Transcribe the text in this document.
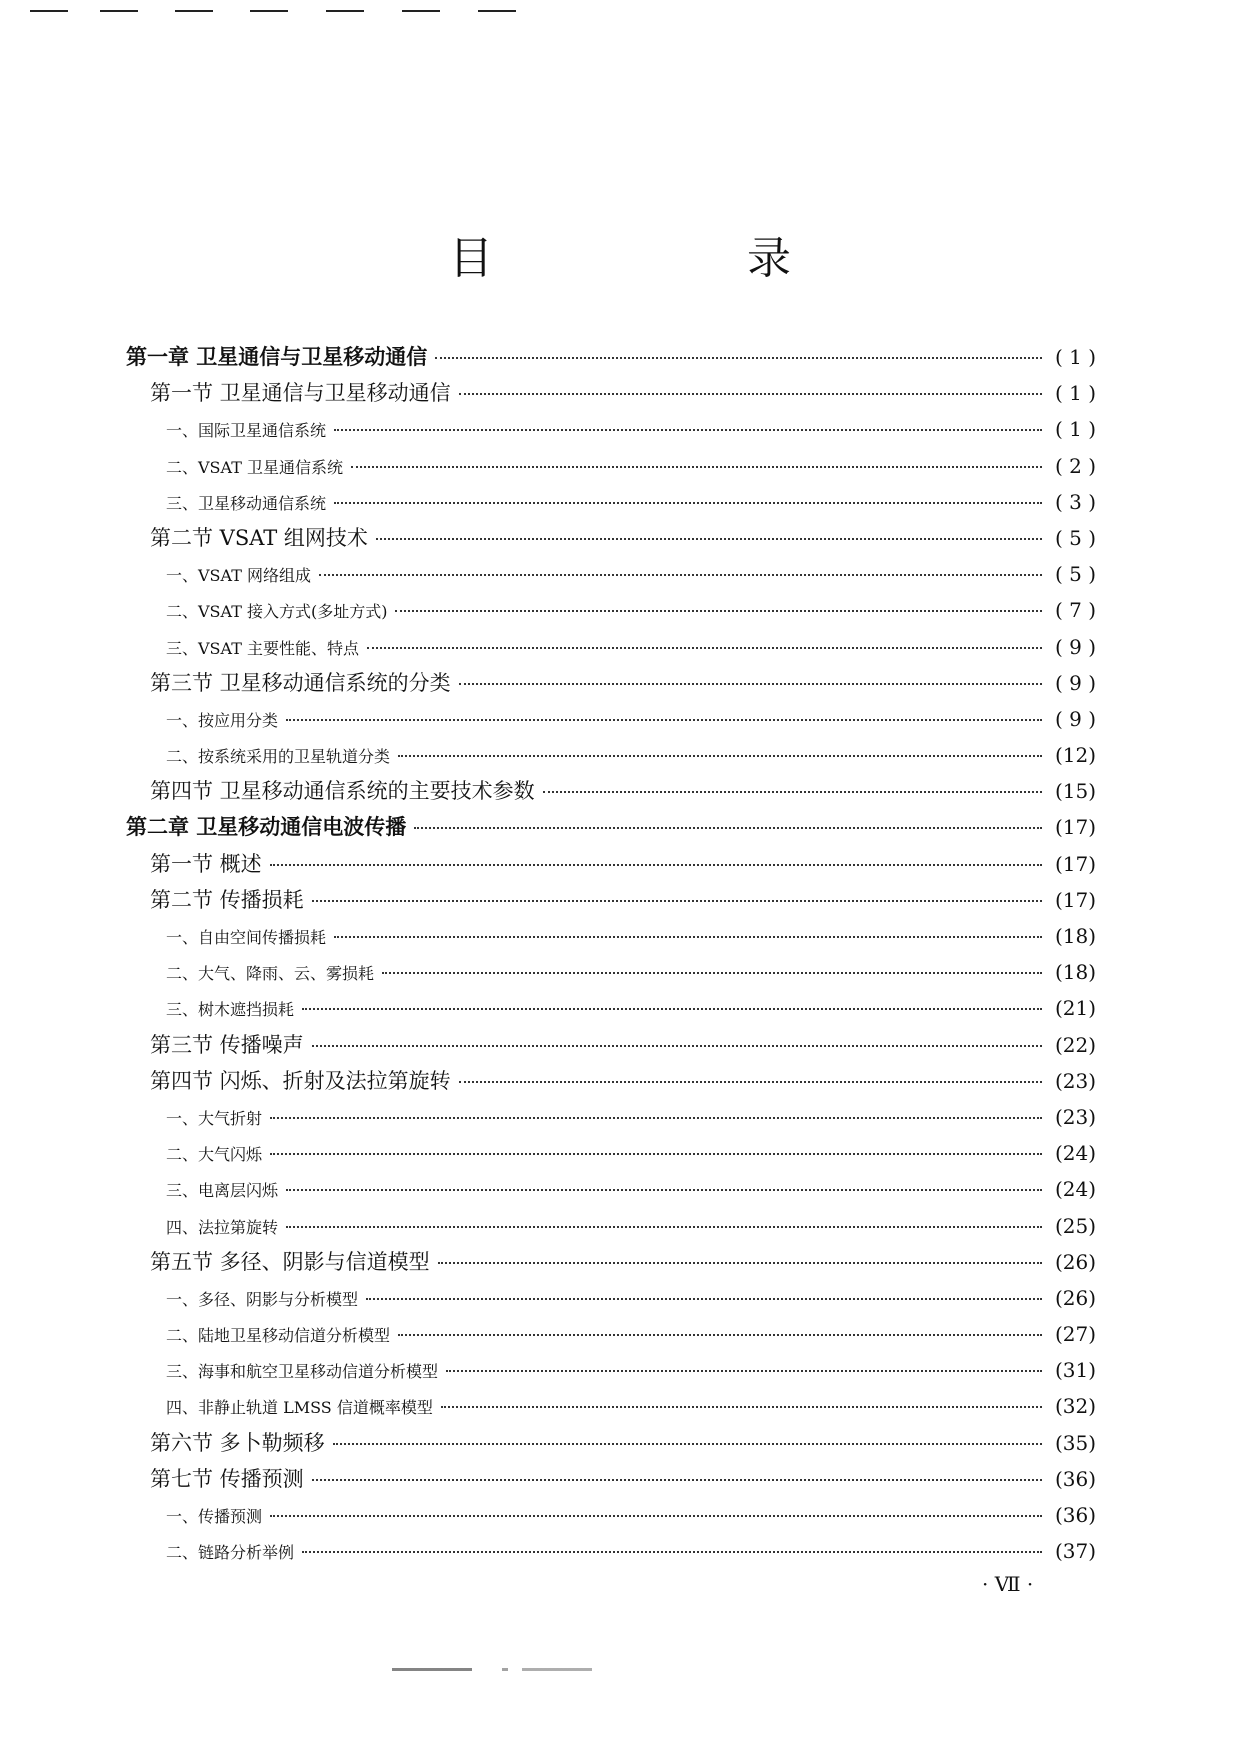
目 录
第一章 卫星通信与卫星移动通信	( 1 )
第一节 卫星通信与卫星移动通信	( 1 )
一、国际卫星通信系统	( 1 )
二、VSAT 卫星通信系统	( 2 )
三、卫星移动通信系统	( 3 )
第二节 VSAT 组网技术	( 5 )
一、VSAT 网络组成	( 5 )
二、VSAT 接入方式(多址方式)	( 7 )
三、VSAT 主要性能、特点	( 9 )
第三节 卫星移动通信系统的分类	( 9 )
一、按应用分类	( 9 )
二、按系统采用的卫星轨道分类	(12)
第四节 卫星移动通信系统的主要技术参数	(15)
第二章 卫星移动通信电波传播	(17)
第一节 概述	(17)
第二节 传播损耗	(17)
一、自由空间传播损耗	(18)
二、大气、降雨、云、雾损耗	(18)
三、树木遮挡损耗	(21)
第三节 传播噪声	(22)
第四节 闪烁、折射及法拉第旋转	(23)
一、大气折射	(23)
二、大气闪烁	(24)
三、电离层闪烁	(24)
四、法拉第旋转	(25)
第五节 多径、阴影与信道模型	(26)
一、多径、阴影与分析模型	(26)
二、陆地卫星移动信道分析模型	(27)
三、海事和航空卫星移动信道分析模型	(31)
四、非静止轨道 LMSS 信道概率模型	(32)
第六节 多卜勒频移	(35)
第七节 传播预测	(36)
一、传播预测	(36)
二、链路分析举例	(37)
· Ⅶ ·
